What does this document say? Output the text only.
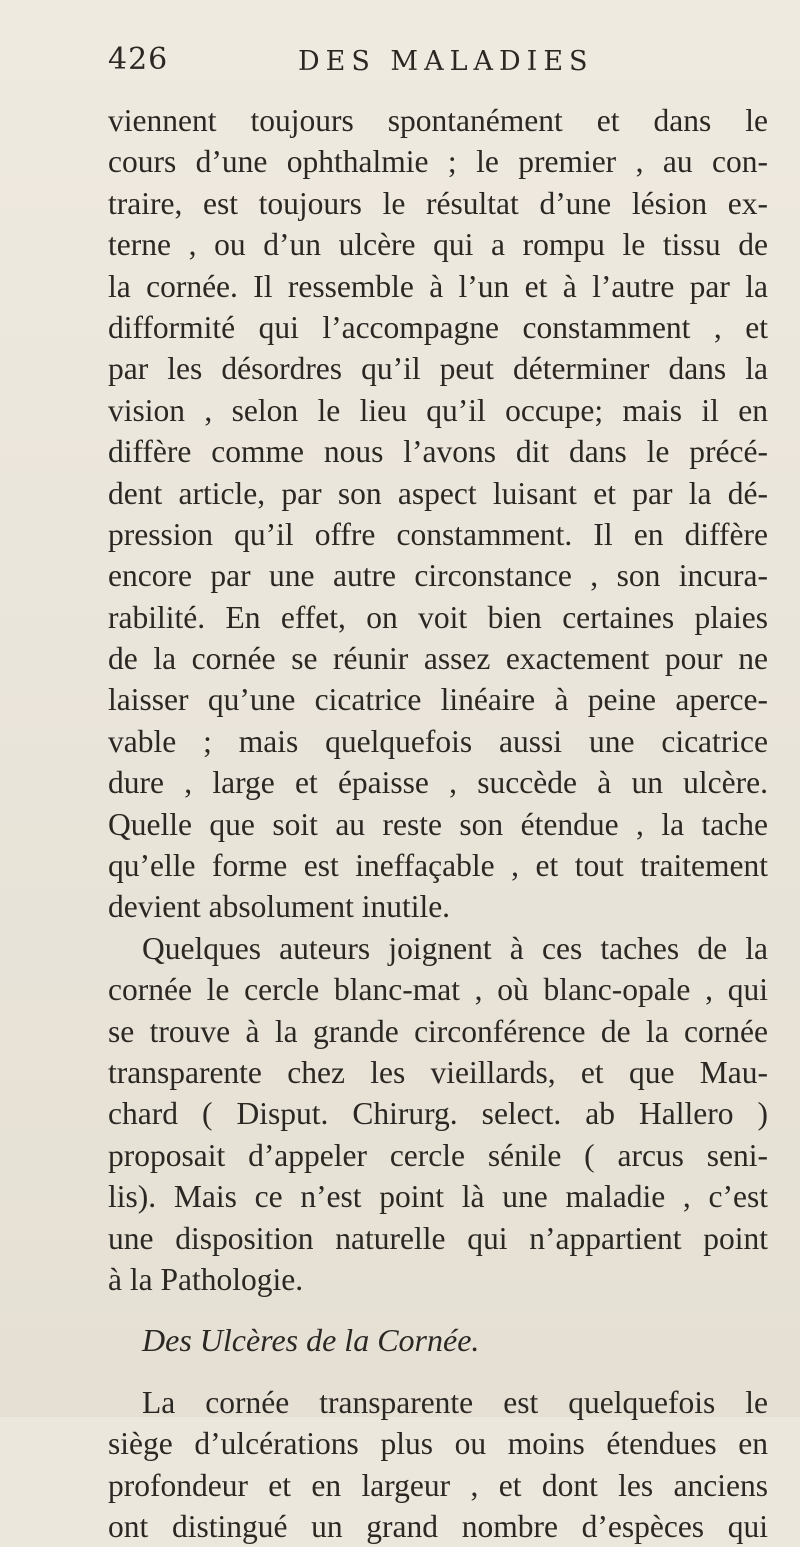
426	DES MALADIES
viennent toujours spontanément et dans le
cours d’une ophthalmie ; le premier , au con-
traire, est toujours le résultat d’une lésion ex-
terne , ou d’un ulcère qui a rompu le tissu de
la cornée. Il ressemble à l’un et à l’autre par la
difformité qui l’accompagne constamment , et
par les désordres qu’il peut déterminer dans la
vision , selon le lieu qu’il occupe; mais il en
diffère comme nous l’avons dit dans le précé-
dent article, par son aspect luisant et par la dé-
pression qu’il offre constamment. Il en diffère
encore par une autre circonstance , son incura-
rabilité. En effet, on voit bien certaines plaies
de la cornée se réunir assez exactement pour ne
laisser qu’une cicatrice linéaire à peine aperce-
vable ; mais quelquefois aussi une cicatrice
dure , large et épaisse , succède à un ulcère.
Quelle que soit au reste son étendue , la tache
qu’elle forme est ineffaçable , et tout traitement
devient absolument inutile.
Quelques auteurs joignent à ces taches de la
cornée le cercle blanc-mat , où blanc-opale , qui
se trouve à la grande circonférence de la cornée
transparente chez les vieillards, et que Mau-
chard ( Disput. Chirurg. select. ab Hallero )
proposait d’appeler cercle sénile ( arcus seni-
lis). Mais ce n’est point là une maladie , c’est
une disposition naturelle qui n’appartient point
à la Pathologie.
Des Ulcères de la Cornée.
La cornée transparente est quelquefois le
siège d’ulcérations plus ou moins étendues en
profondeur et en largeur , et dont les anciens
ont distingué un grand nombre d’espèces qui
